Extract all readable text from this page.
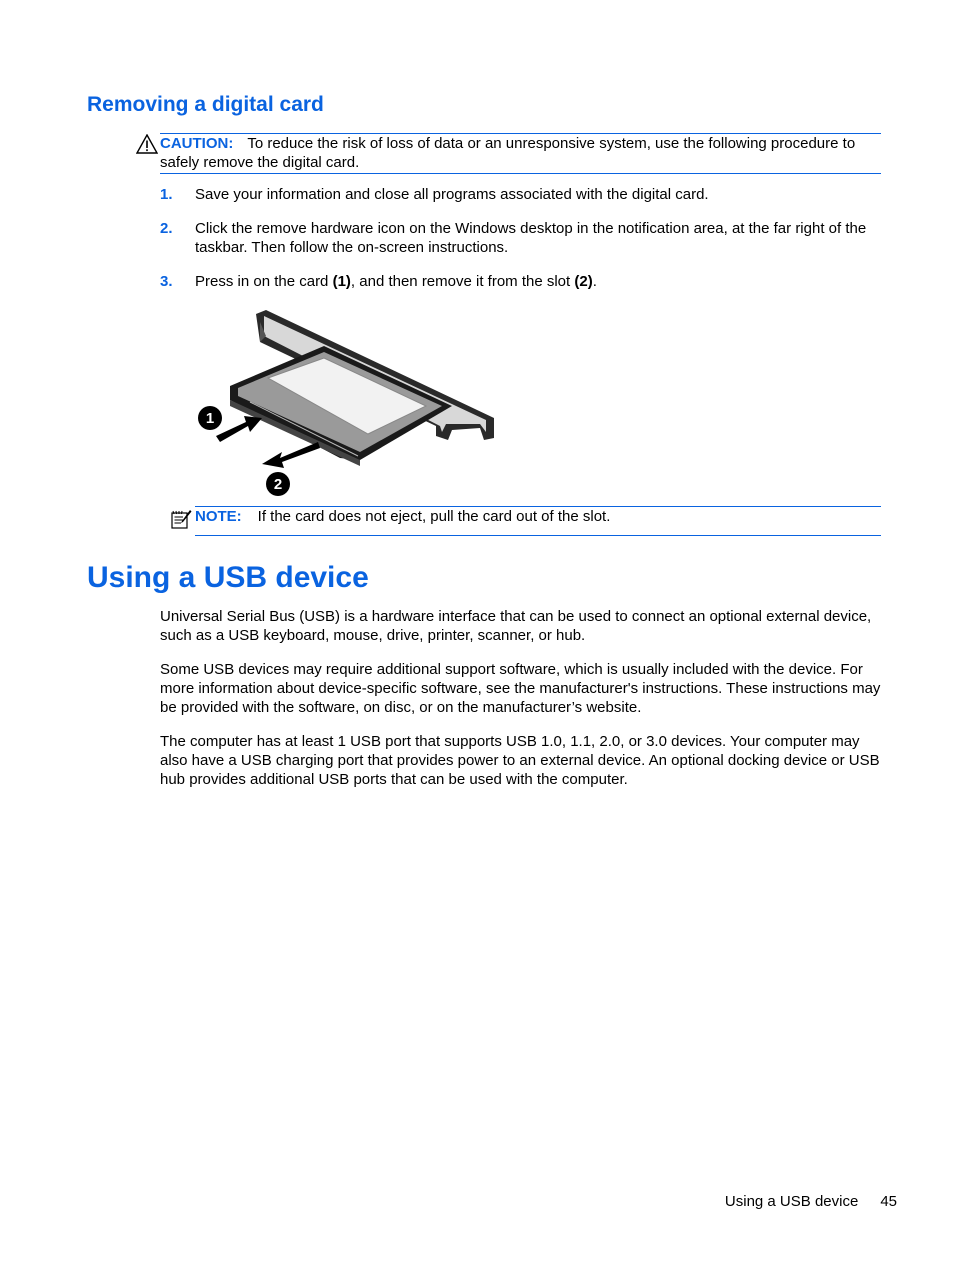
Removing a digital card
CAUTION: To reduce the risk of loss of data or an unresponsive system, use the following procedure to safely remove the digital card.
1. Save your information and close all programs associated with the digital card.
2. Click the remove hardware icon on the Windows desktop in the notification area, at the far right of the taskbar. Then follow the on-screen instructions.
3. Press in on the card (1), and then remove it from the slot (2).
1
2
NOTE: If the card does not eject, pull the card out of the slot.
Using a USB device

Universal Serial Bus (USB) is a hardware interface that can be used to connect an optional external device, such as a USB keyboard, mouse, drive, printer, scanner, or hub.

Some USB devices may require additional support software, which is usually included with the device. For more information about device-specific software, see the manufacturer's instructions. These instructions may be provided with the software, on disc, or on the manufacturer’s website.

The computer has at least 1 USB port that supports USB 1.0, 1.1, 2.0, or 3.0 devices. Your computer may also have a USB charging port that provides power to an external device. An optional docking device or USB hub provides additional USB ports that can be used with the computer.

Using a USB device 45
